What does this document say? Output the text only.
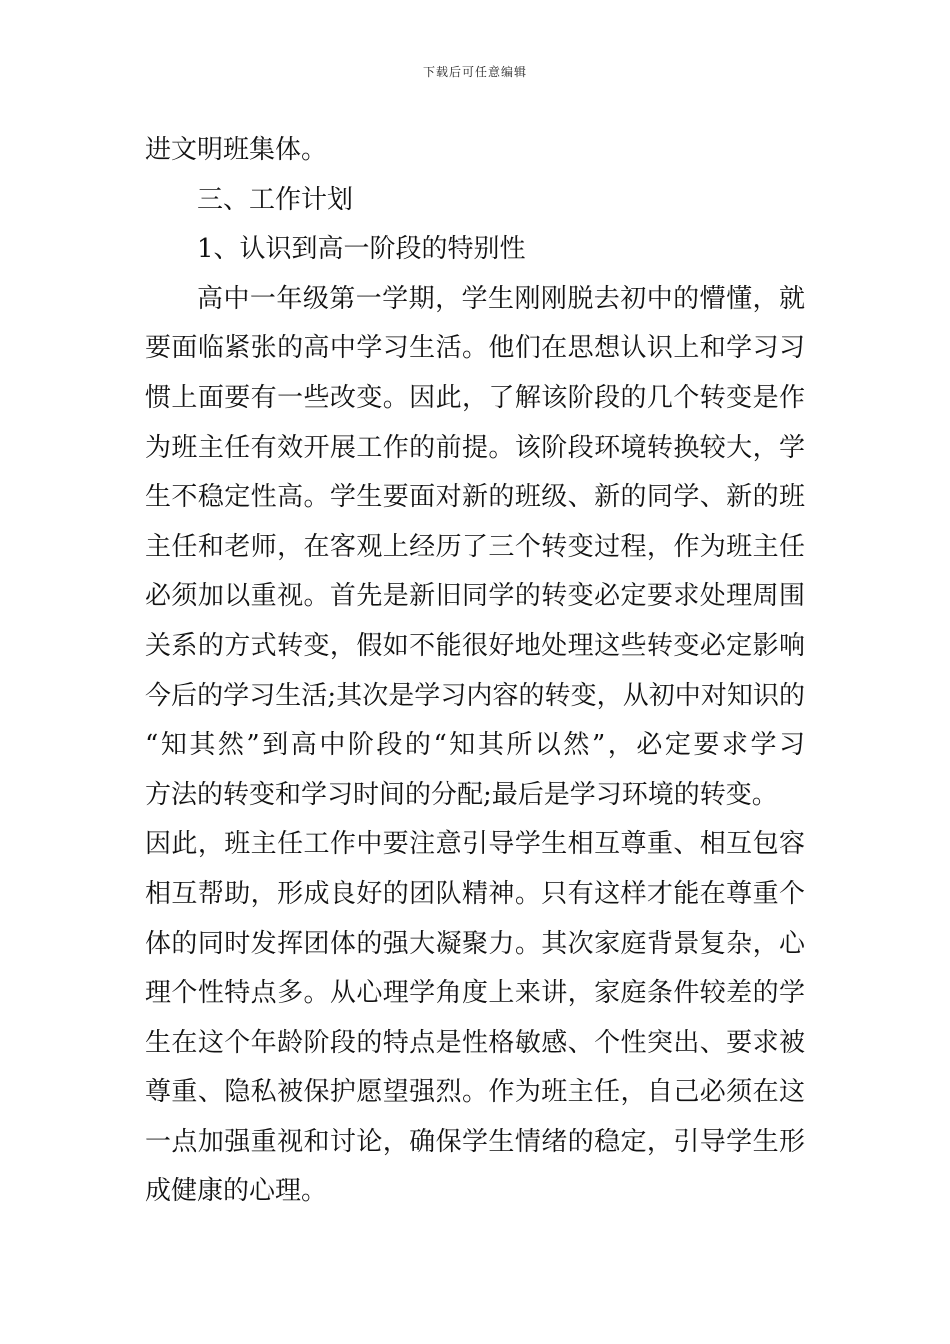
下载后可任意编辑
进文明班集体。
三、工作计划
1、认识到高一阶段的特别性
高中一年级第一学期，学生刚刚脱去初中的懵懂，就
要面临紧张的高中学习生活。他们在思想认识上和学习习
惯上面要有一些改变。因此，了解该阶段的几个转变是作
为班主任有效开展工作的前提。该阶段环境转换较大，学
生不稳定性高。学生要面对新的班级、新的同学、新的班
主任和老师，在客观上经历了三个转变过程，作为班主任
必须加以重视。首先是新旧同学的转变必定要求处理周围
关系的方式转变，假如不能很好地处理这些转变必定影响
今后的学习生活;其次是学习内容的转变，从初中对知识的
“知其然”到高中阶段的“知其所以然”，必定要求学习
方法的转变和学习时间的分配;最后是学习环境的转变。
因此，班主任工作中要注意引导学生相互尊重、相互包容
相互帮助，形成良好的团队精神。只有这样才能在尊重个
体的同时发挥团体的强大凝聚力。其次家庭背景复杂，心
理个性特点多。从心理学角度上来讲，家庭条件较差的学
生在这个年龄阶段的特点是性格敏感、个性突出、要求被
尊重、隐私被保护愿望强烈。作为班主任，自己必须在这
一点加强重视和讨论，确保学生情绪的稳定，引导学生形
成健康的心理。
